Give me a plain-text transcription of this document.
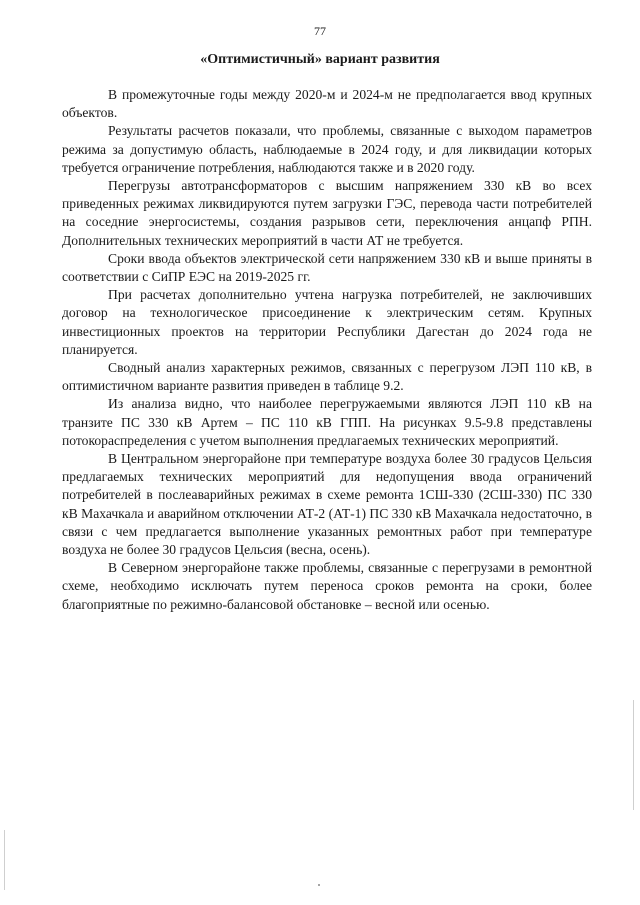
77
«Оптимистичный» вариант развития

В промежуточные годы между 2020-м и 2024-м не предполагается ввод крупных объектов.

Результаты расчетов показали, что проблемы, связанные с выходом параметров режима за допустимую область, наблюдаемые в 2024 году, и для ликвидации которых требуется ограничение потребления, наблюдаются также и в 2020 году.

Перегрузы автотрансформаторов с высшим напряжением 330 кВ во всех приведенных режимах ликвидируются путем загрузки ГЭС, перевода части потребителей на соседние энергосистемы, создания разрывов сети, переключения анцапф РПН. Дополнительных технических мероприятий в части АТ не требуется.

Сроки ввода объектов электрической сети напряжением 330 кВ и выше приняты в соответствии с СиПР ЕЭС на 2019-2025 гг.

При расчетах дополнительно учтена нагрузка потребителей, не заключивших договор на технологическое присоединение к электрическим сетям. Крупных инвестиционных проектов на территории Республики Дагестан до 2024 года не планируется.

Сводный анализ характерных режимов, связанных с перегрузом ЛЭП 110 кВ, в оптимистичном варианте развития приведен в таблице 9.2.

Из анализа видно, что наиболее перегружаемыми являются ЛЭП 110 кВ на транзите ПС 330 кВ Артем – ПС 110 кВ ГПП. На рисунках 9.5-9.8 представлены потокораспределения с учетом выполнения предлагаемых технических мероприятий.

В Центральном энергорайоне при температуре воздуха более 30 градусов Цельсия предлагаемых технических мероприятий для недопущения ввода ограничений потребителей в послеаварийных режимах в схеме ремонта 1СШ-330 (2СШ-330) ПС 330 кВ Махачкала и аварийном отключении АТ-2 (АТ-1) ПС 330 кВ Махачкала недостаточно, в связи с чем предлагается выполнение указанных ремонтных работ при температуре воздуха не более 30 градусов Цельсия (весна, осень).

В Северном энергорайоне также проблемы, связанные с перегрузами в ремонтной схеме, необходимо исключать путем переноса сроков ремонта на сроки, более благоприятные по режимно-балансовой обстановке – весной или осенью.
